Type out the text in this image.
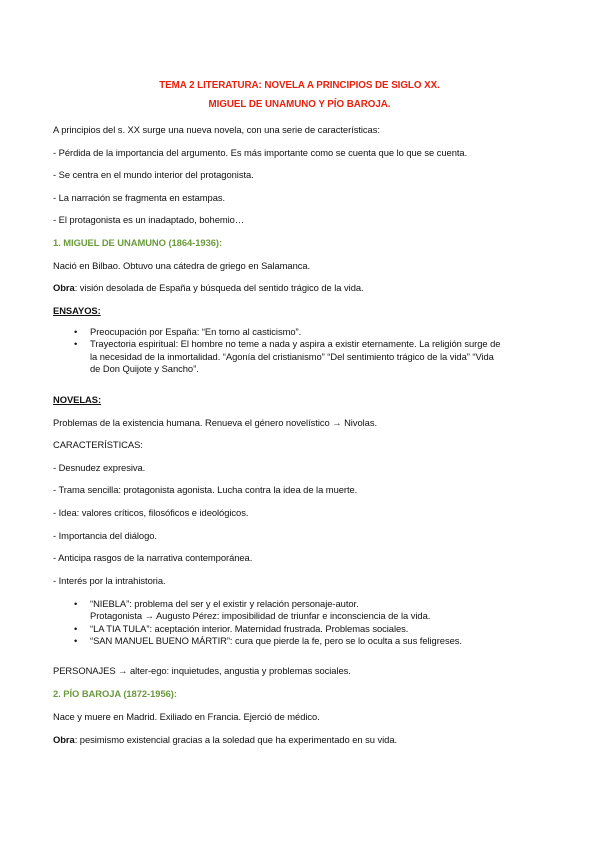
TEMA 2 LITERATURA: NOVELA A PRINCIPIOS DE SIGLO XX.

MIGUEL DE UNAMUNO Y PÍO BAROJA.

A principios del s. XX surge una nueva novela, con una serie de características:

- Pérdida de la importancia del argumento. Es más importante como se cuenta que lo que se cuenta.

- Se centra en el mundo interior del protagonista.

- La narración se fragmenta en estampas.

- El protagonista es un inadaptado, bohemio…

1. MIGUEL DE UNAMUNO (1864-1936):

Nació en Bilbao. Obtuvo una cátedra de griego en Salamanca.

Obra: visión desolada de España y búsqueda del sentido trágico de la vida.

ENSAYOS:

• Preocupación por España: “En torno al casticismo”.
• Trayectoria espiritual: El hombre no teme a nada y aspira a existir eternamente. La religión surge de
la necesidad de la inmortalidad. “Agonía del cristianismo” “Del sentimiento trágico de la vida” “Vida
de Don Quijote y Sancho”.

NOVELAS:

Problemas de la existencia humana. Renueva el género novelístico → Nivolas.

CARACTERÍSTICAS:

- Desnudez expresiva.

- Trama sencilla: protagonista agonista. Lucha contra la idea de la muerte.

- Idea: valores críticos, filosóficos e ideológicos.

- Importancia del diálogo.

- Anticipa rasgos de la narrativa contemporánea.

- Interés por la intrahistoria.

• “NIEBLA”: problema del ser y el existir y relación personaje-autor.
Protagonista → Augusto Pérez: imposibilidad de triunfar e inconsciencia de la vida.
• “LA TIA TULA”: aceptación interior. Maternidad frustrada. Problemas sociales.
• “SAN MANUEL BUENO MÁRTIR”: cura que pierde la fe, pero se lo oculta a sus feligreses.

PERSONAJES → alter-ego: inquietudes, angustia y problemas sociales.

2. PÍO BAROJA (1872-1956):

Nace y muere en Madrid. Exiliado en Francia. Ejerció de médico.

Obra: pesimismo existencial gracias a la soledad que ha experimentado en su vida.
